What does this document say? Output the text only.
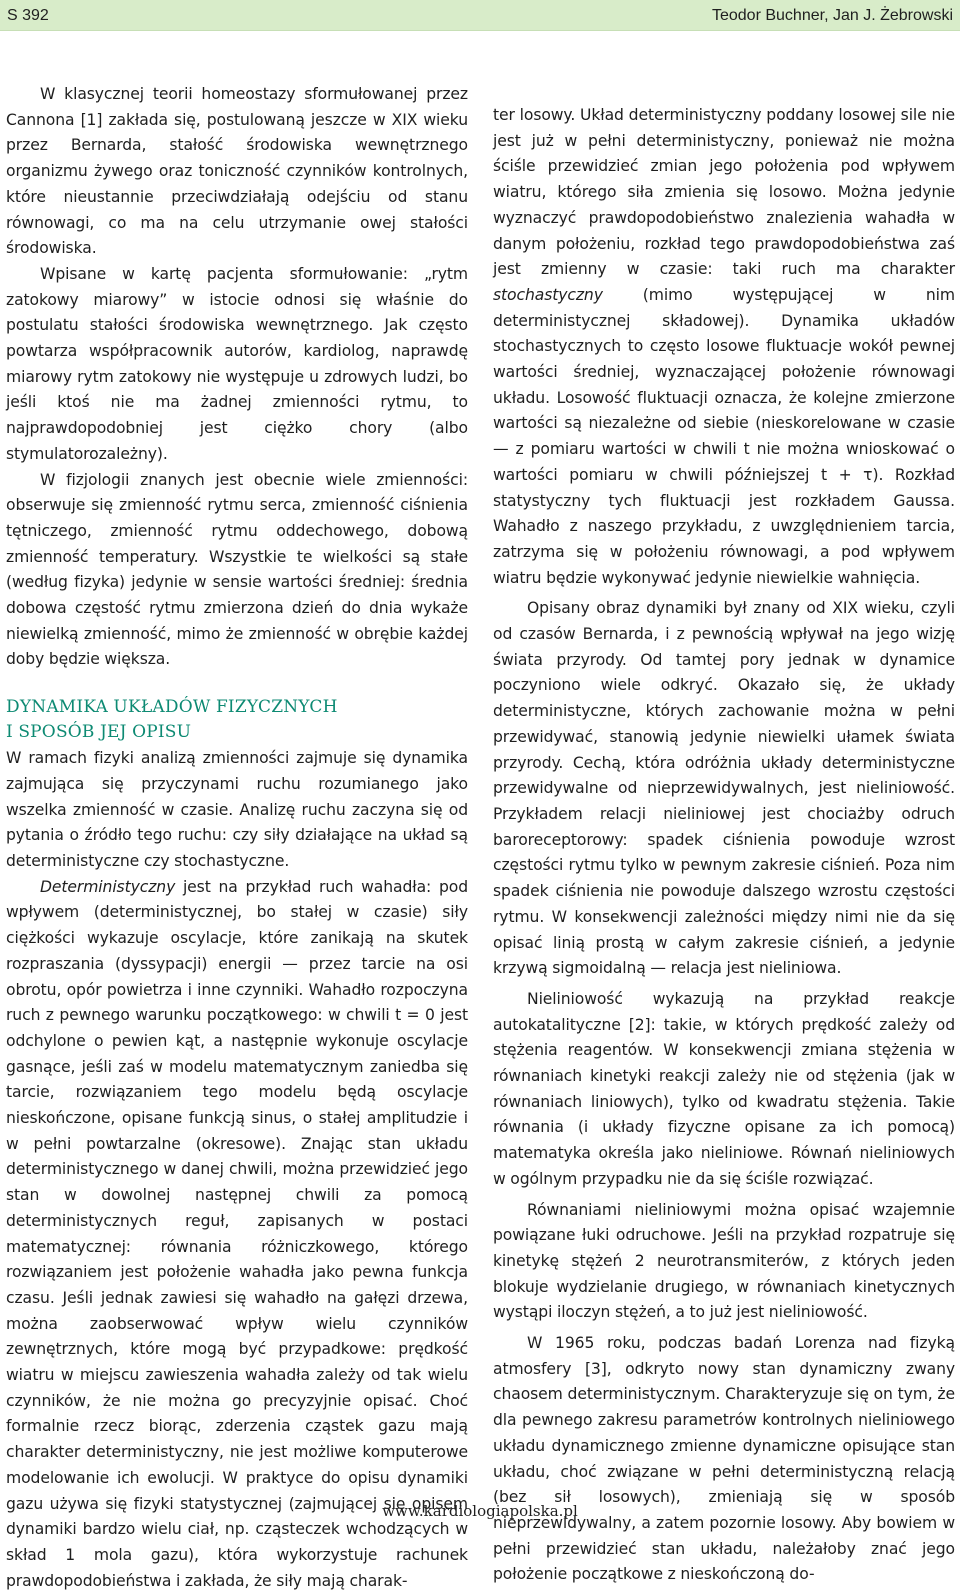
S 392	Teodor Buchner, Jan J. Żebrowski

W klasycznej teorii homeostazy sformułowanej przez Cannona [1] zakłada się, postulowaną jeszcze w XIX wieku przez Bernarda, stałość środowiska wewnętrznego organizmu żywego oraz toniczność czynników kontrolnych, które nieustannie przeciwdziałają odejściu od stanu równowagi, co ma na celu utrzymanie owej stałości środowiska.

Wpisane w kartę pacjenta sformułowanie: „rytm zatokowy miarowy” w istocie odnosi się właśnie do postulatu stałości środowiska wewnętrznego. Jak często powtarza współpracownik autorów, kardiolog, naprawdę miarowy rytm zatokowy nie występuje u zdrowych ludzi, bo jeśli ktoś nie ma żadnej zmienności rytmu, to najprawdopodobniej jest ciężko chory (albo stymulatorozależny).

W fizjologii znanych jest obecnie wiele zmienności: obserwuje się zmienność rytmu serca, zmienność ciśnienia tętniczego, zmienność rytmu oddechowego, dobową zmienność temperatury. Wszystkie te wielkości są stałe (według fizyka) jedynie w sensie wartości średniej: średnia dobowa częstość rytmu zmierzona dzień do dnia wykaże niewielką zmienność, mimo że zmienność w obrębie każdej doby będzie większa.

DYNAMIKA UKŁADÓW FIZYCZNYCH
I SPOSÓB JEJ OPISU

W ramach fizyki analizą zmienności zajmuje się dynamika zajmująca się przyczynami ruchu rozumianego jako wszelka zmienność w czasie. Analizę ruchu zaczyna się od pytania o źródło tego ruchu: czy siły działające na układ są deterministyczne czy stochastyczne.

Deterministyczny jest na przykład ruch wahadła: pod wpływem (deterministycznej, bo stałej w czasie) siły ciężkości wykazuje oscylacje, które zanikają na skutek rozpraszania (dyssypacji) energii — przez tarcie na osi obrotu, opór powietrza i inne czynniki. Wahadło rozpoczyna ruch z pewnego warunku początkowego: w chwili t = 0 jest odchylone o pewien kąt, a następnie wykonuje oscylacje gasnące, jeśli zaś w modelu matematycznym zaniedba się tarcie, rozwiązaniem tego modelu będą oscylacje nieskończone, opisane funkcją sinus, o stałej amplitudzie i w pełni powtarzalne (okresowe). Znając stan układu deterministycznego w danej chwili, można przewidzieć jego stan w dowolnej następnej chwili za pomocą deterministycznych reguł, zapisanych w postaci matematycznej: równania różniczkowego, którego rozwiązaniem jest położenie wahadła jako pewna funkcja czasu. Jeśli jednak zawiesi się wahadło na gałęzi drzewa, można zaobserwować wpływ wielu czynników zewnętrznych, które mogą być przypadkowe: prędkość wiatru w miejscu zawieszenia wahadła zależy od tak wielu czynników, że nie można go precyzyjnie opisać. Choć formalnie rzecz biorąc, zderzenia cząstek gazu mają charakter deterministyczny, nie jest możliwe komputerowe modelowanie ich ewolucji. W praktyce do opisu dynamiki gazu używa się fizyki statystycznej (zajmującej się opisem dynamiki bardzo wielu ciał, np. cząsteczek wchodzących w skład 1 mola gazu), która wykorzystuje rachunek prawdopodobieństwa i zakłada, że siły mają charak-

ter losowy. Układ deterministyczny poddany losowej sile nie jest już w pełni deterministyczny, ponieważ nie można ściśle przewidzieć zmian jego położenia pod wpływem wiatru, którego siła zmienia się losowo. Można jedynie wyznaczyć prawdopodobieństwo znalezienia wahadła w danym położeniu, rozkład tego prawdopodobieństwa zaś jest zmienny w czasie: taki ruch ma charakter stochastyczny (mimo występującej w nim deterministycznej składowej). Dynamika układów stochastycznych to często losowe fluktuacje wokół pewnej wartości średniej, wyznaczającej położenie równowagi układu. Losowość fluktuacji oznacza, że kolejne zmierzone wartości są niezależne od siebie (nieskorelowane w czasie — z pomiaru wartości w chwili t nie można wnioskować o wartości pomiaru w chwili późniejszej t + τ). Rozkład statystyczny tych fluktuacji jest rozkładem Gaussa. Wahadło z naszego przykładu, z uwzględnieniem tarcia, zatrzyma się w położeniu równowagi, a pod wpływem wiatru będzie wykonywać jedynie niewielkie wahnięcia.

Opisany obraz dynamiki był znany od XIX wieku, czyli od czasów Bernarda, i z pewnością wpływał na jego wizję świata przyrody. Od tamtej pory jednak w dynamice poczyniono wiele odkryć. Okazało się, że układy deterministyczne, których zachowanie można w pełni przewidywać, stanowią jedynie niewielki ułamek świata przyrody. Cechą, która odróżnia układy deterministyczne przewidywalne od nieprzewidywalnych, jest nieliniowość. Przykładem relacji nieliniowej jest chociażby odruch baroreceptorowy: spadek ciśnienia powoduje wzrost częstości rytmu tylko w pewnym zakresie ciśnień. Poza nim spadek ciśnienia nie powoduje dalszego wzrostu częstości rytmu. W konsekwencji zależności między nimi nie da się opisać linią prostą w całym zakresie ciśnień, a jedynie krzywą sigmoidalną — relacja jest nieliniowa.

Nieliniowość wykazują na przykład reakcje autokatalityczne [2]: takie, w których prędkość zależy od stężenia reagentów. W konsekwencji zmiana stężenia w równaniach kinetyki reakcji zależy nie od stężenia (jak w równaniach liniowych), tylko od kwadratu stężenia. Takie równania (i układy fizyczne opisane za ich pomocą) matematyka określa jako nieliniowe. Równań nieliniowych w ogólnym przypadku nie da się ściśle rozwiązać.

Równaniami nieliniowymi można opisać wzajemnie powiązane łuki odruchowe. Jeśli na przykład rozpatruje się kinetykę stężeń 2 neurotransmiterów, z których jeden blokuje wydzielanie drugiego, w równaniach kinetycznych wystąpi iloczyn stężeń, a to już jest nieliniowość.

W 1965 roku, podczas badań Lorenza nad fizyką atmosfery [3], odkryto nowy stan dynamiczny zwany chaosem deterministycznym. Charakteryzuje się on tym, że dla pewnego zakresu parametrów kontrolnych nieliniowego układu dynamicznego zmienne dynamiczne opisujące stan układu, choć związane w pełni deterministyczną relacją (bez sił losowych), zmieniają się w sposób nieprzewidywalny, a zatem pozornie losowy. Aby bowiem w pełni przewidzieć stan układu, należałoby znać jego położenie początkowe z nieskończoną do-

www.kardiologiapolska.pl
